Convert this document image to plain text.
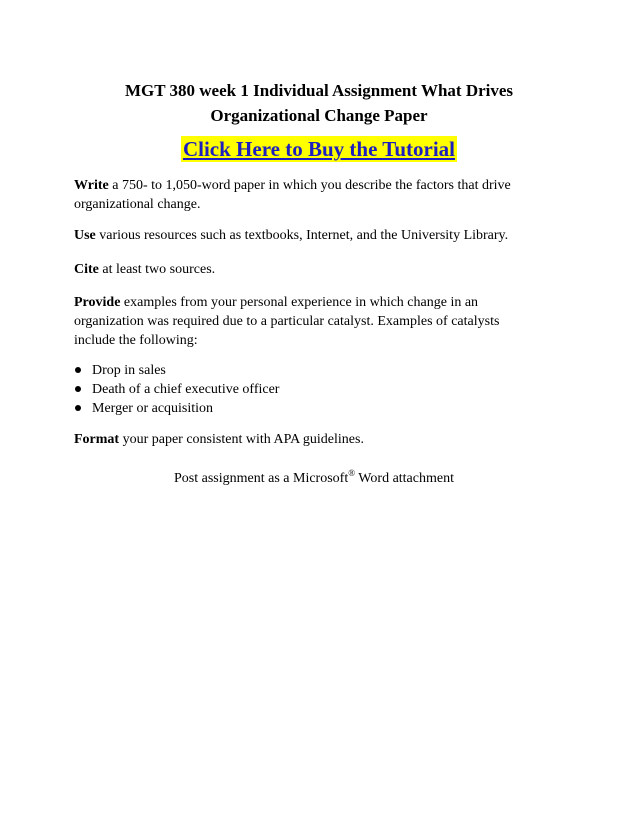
MGT 380 week 1 Individual Assignment What Drives
Organizational Change Paper
Click Here to Buy the Tutorial

Write a 750- to 1,050-word paper in which you describe the factors that drive organizational change.

Use various resources such as textbooks, Internet, and the University Library.

Cite at least two sources.

Provide examples from your personal experience in which change in an organization was required due to a particular catalyst. Examples of catalysts include the following:

Drop in sales
Death of a chief executive officer
Merger or acquisition

Format your paper consistent with APA guidelines.

Post assignment as a Microsoft® Word attachment
